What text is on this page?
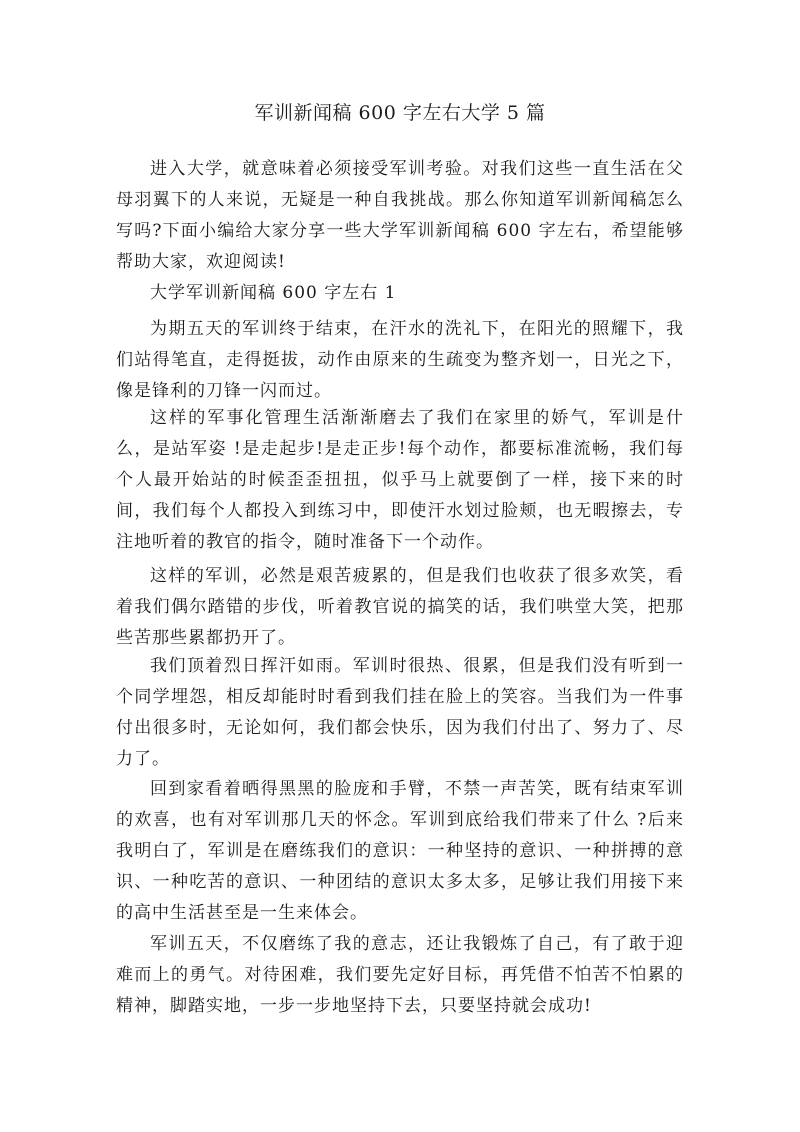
军训新闻稿 600 字左右大学 5 篇

进入大学，就意味着必须接受军训考验。对我们这些一直生活在父母羽翼下的人来说，无疑是一种自我挑战。那么你知道军训新闻稿怎么写吗?下面小编给大家分享一些大学军训新闻稿 600 字左右，希望能够帮助大家，欢迎阅读!

大学军训新闻稿 600 字左右 1

为期五天的军训终于结束，在汗水的洗礼下，在阳光的照耀下，我们站得笔直，走得挺拔，动作由原来的生疏变为整齐划一，日光之下，像是锋利的刀锋一闪而过。

这样的军事化管理生活渐渐磨去了我们在家里的娇气，军训是什么，是站军姿 !是走起步!是走正步!每个动作，都要标准流畅，我们每个人最开始站的时候歪歪扭扭，似乎马上就要倒了一样，接下来的时间，我们每个人都投入到练习中，即使汗水划过脸颊，也无暇擦去，专注地听着的教官的指令，随时准备下一个动作。

这样的军训，必然是艰苦疲累的，但是我们也收获了很多欢笑，看着我们偶尔踏错的步伐，听着教官说的搞笑的话，我们哄堂大笑，把那些苦那些累都扔开了。

我们顶着烈日挥汗如雨。军训时很热、很累，但是我们没有听到一个同学埋怨，相反却能时时看到我们挂在脸上的笑容。当我们为一件事付出很多时，无论如何，我们都会快乐，因为我们付出了、努力了、尽力了。

回到家看着晒得黑黑的脸庞和手臂，不禁一声苦笑，既有结束军训的欢喜，也有对军训那几天的怀念。军训到底给我们带来了什么 ?后来我明白了，军训是在磨练我们的意识：一种坚持的意识、一种拼搏的意识、一种吃苦的意识、一种团结的意识太多太多，足够让我们用接下来的高中生活甚至是一生来体会。

军训五天，不仅磨练了我的意志，还让我锻炼了自己，有了敢于迎难而上的勇气。对待困难，我们要先定好目标，再凭借不怕苦不怕累的精神，脚踏实地，一步一步地坚持下去，只要坚持就会成功!
